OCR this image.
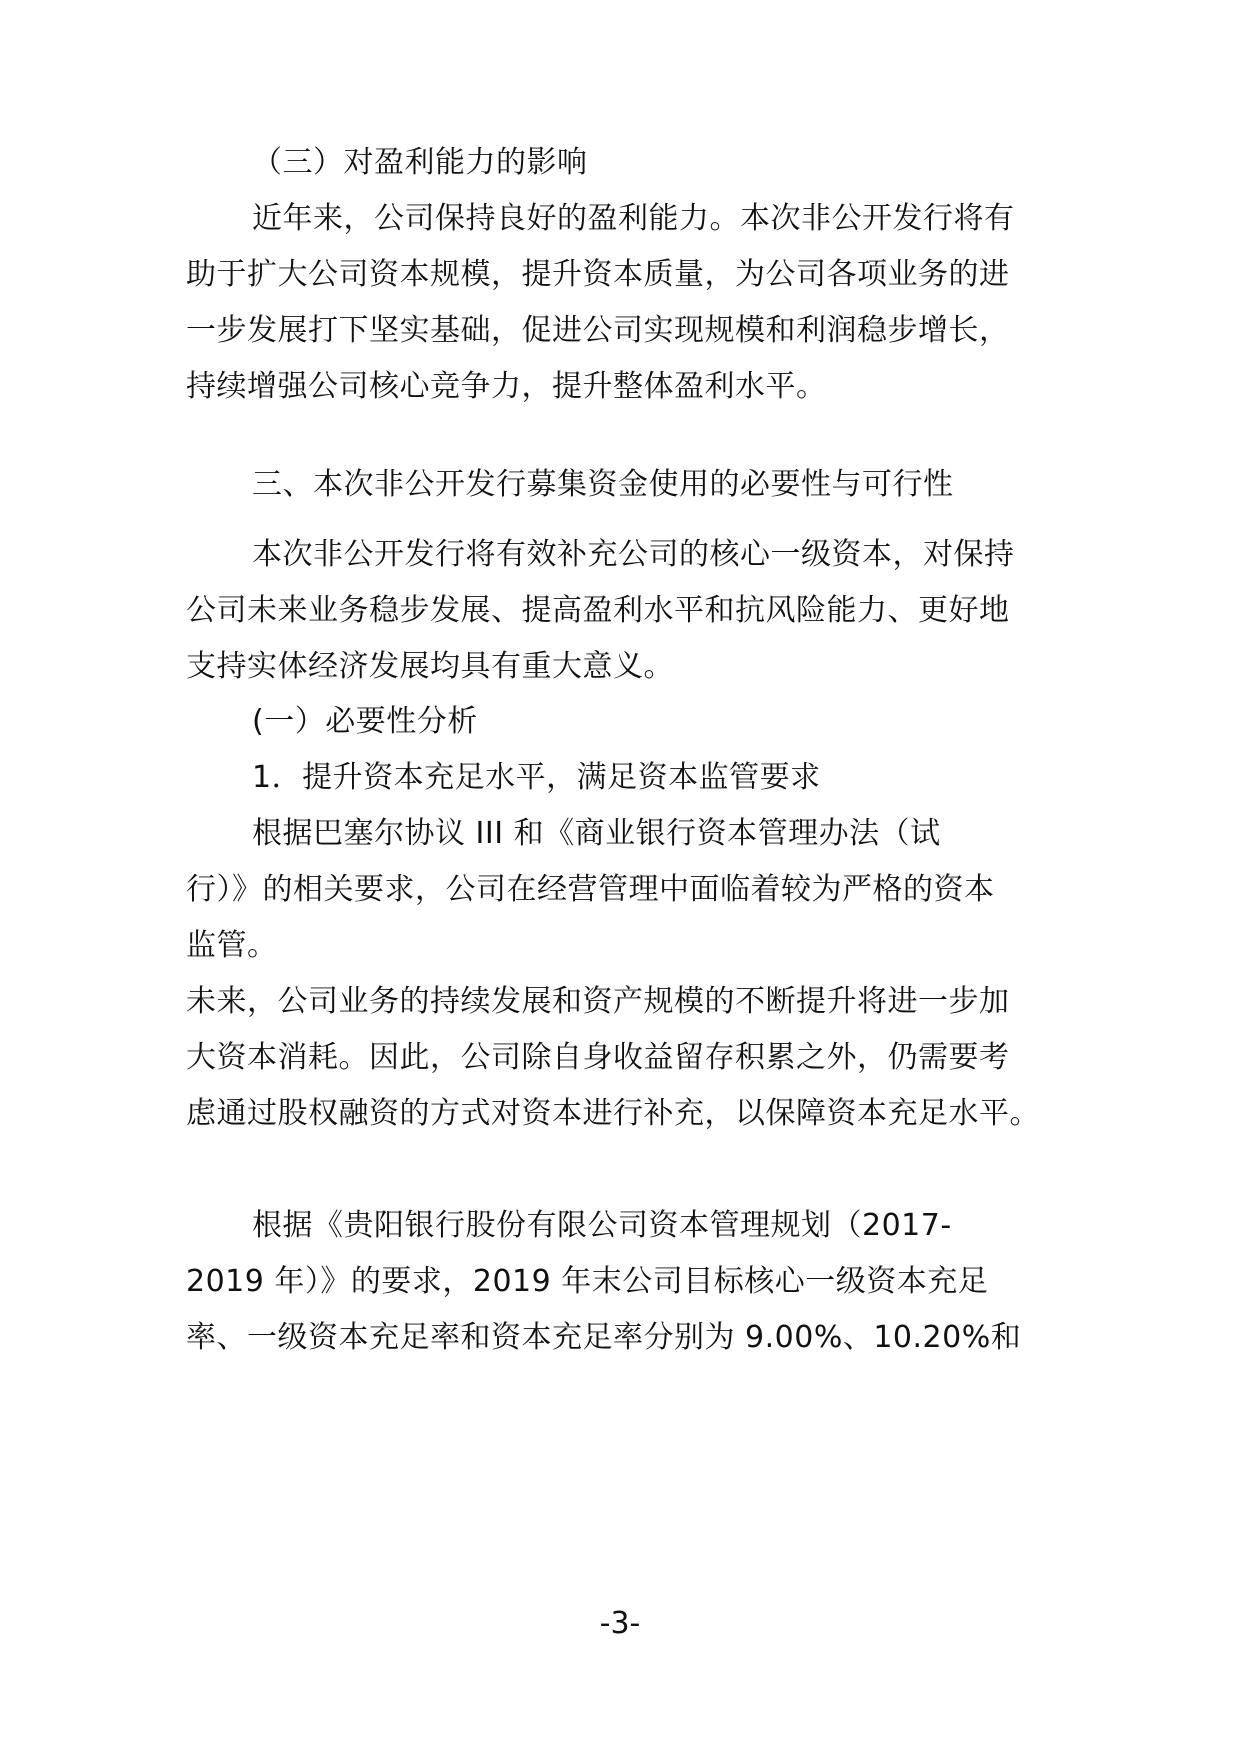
（三）对盈利能力的影响
近年来，公司保持良好的盈利能力。本次非公开发行将有
助于扩大公司资本规模，提升资本质量，为公司各项业务的进
一步发展打下坚实基础，促进公司实现规模和利润稳步增长，
持续增强公司核心竞争力，提升整体盈利水平。
三、本次非公开发行募集资金使用的必要性与可行性
本次非公开发行将有效补充公司的核心一级资本，对保持
公司未来业务稳步发展、提高盈利水平和抗风险能力、更好地
支持实体经济发展均具有重大意义。
(一）必要性分析
1．提升资本充足水平，满足资本监管要求
根据巴塞尔协议 III 和《商业银行资本管理办法（试
行）》的相关要求，公司在经营管理中面临着较为严格的资本
监管。
未来，公司业务的持续发展和资产规模的不断提升将进一步加
大资本消耗。因此，公司除自身收益留存积累之外，仍需要考
虑通过股权融资的方式对资本进行补充，以保障资本充足水平。
根据《贵阳银行股份有限公司资本管理规划（2017-
2019 年）》的要求，2019 年末公司目标核心一级资本充足
率、一级资本充足率和资本充足率分别为 9.00%、10.20%和
-3-
